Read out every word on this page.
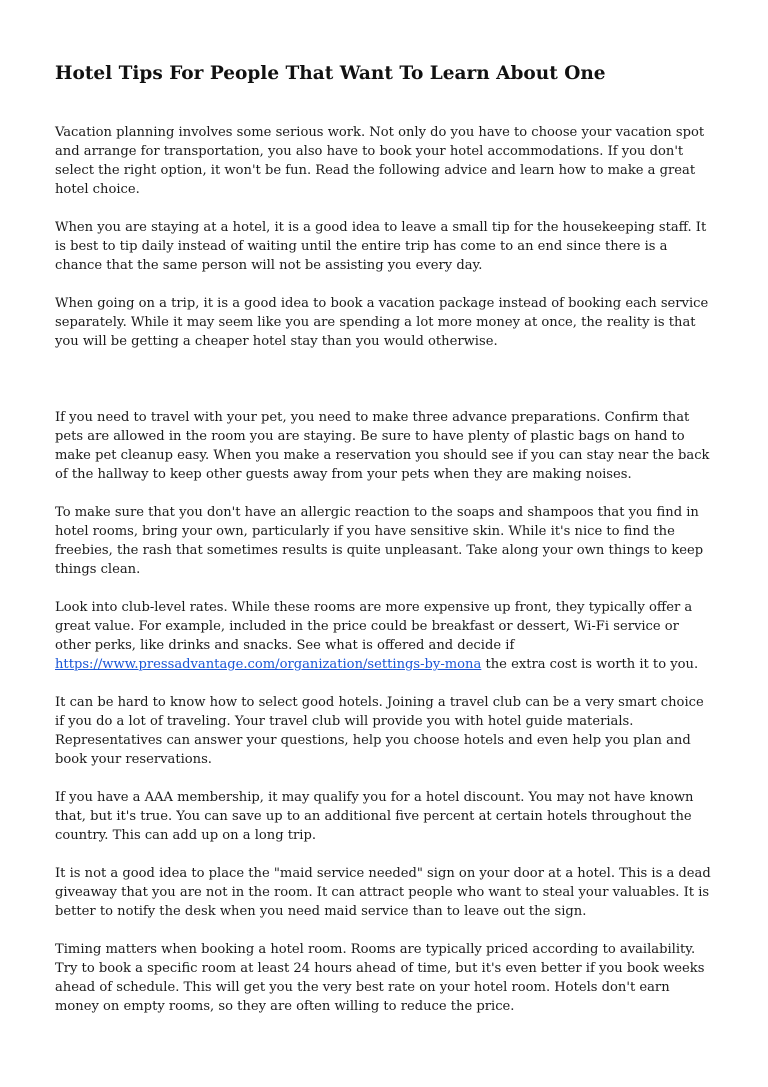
Hotel Tips For People That Want To Learn About One

Vacation planning involves some serious work. Not only do you have to choose your vacation spot and arrange for transportation, you also have to book your hotel accommodations. If you don't select the right option, it won't be fun. Read the following advice and learn how to make a great hotel choice.

When you are staying at a hotel, it is a good idea to leave a small tip for the housekeeping staff. It is best to tip daily instead of waiting until the entire trip has come to an end since there is a chance that the same person will not be assisting you every day.

When going on a trip, it is a good idea to book a vacation package instead of booking each service separately. While it may seem like you are spending a lot more money at once, the reality is that you will be getting a cheaper hotel stay than you would otherwise.

If you need to travel with your pet, you need to make three advance preparations. Confirm that pets are allowed in the room you are staying. Be sure to have plenty of plastic bags on hand to make pet cleanup easy. When you make a reservation you should see if you can stay near the back of the hallway to keep other guests away from your pets when they are making noises.

To make sure that you don't have an allergic reaction to the soaps and shampoos that you find in hotel rooms, bring your own, particularly if you have sensitive skin. While it's nice to find the freebies, the rash that sometimes results is quite unpleasant. Take along your own things to keep things clean.

Look into club-level rates. While these rooms are more expensive up front, they typically offer a great value. For example, included in the price could be breakfast or dessert, Wi-Fi service or other perks, like drinks and snacks. See what is offered and decide if https://www.pressadvantage.com/organization/settings-by-mona the extra cost is worth it to you.

It can be hard to know how to select good hotels. Joining a travel club can be a very smart choice if you do a lot of traveling. Your travel club will provide you with hotel guide materials. Representatives can answer your questions, help you choose hotels and even help you plan and book your reservations.

If you have a AAA membership, it may qualify you for a hotel discount. You may not have known that, but it's true. You can save up to an additional five percent at certain hotels throughout the country. This can add up on a long trip.

It is not a good idea to place the "maid service needed" sign on your door at a hotel. This is a dead giveaway that you are not in the room. It can attract people who want to steal your valuables. It is better to notify the desk when you need maid service than to leave out the sign.

Timing matters when booking a hotel room. Rooms are typically priced according to availability. Try to book a specific room at least 24 hours ahead of time, but it's even better if you book weeks ahead of schedule. This will get you the very best rate on your hotel room. Hotels don't earn money on empty rooms, so they are often willing to reduce the price.
